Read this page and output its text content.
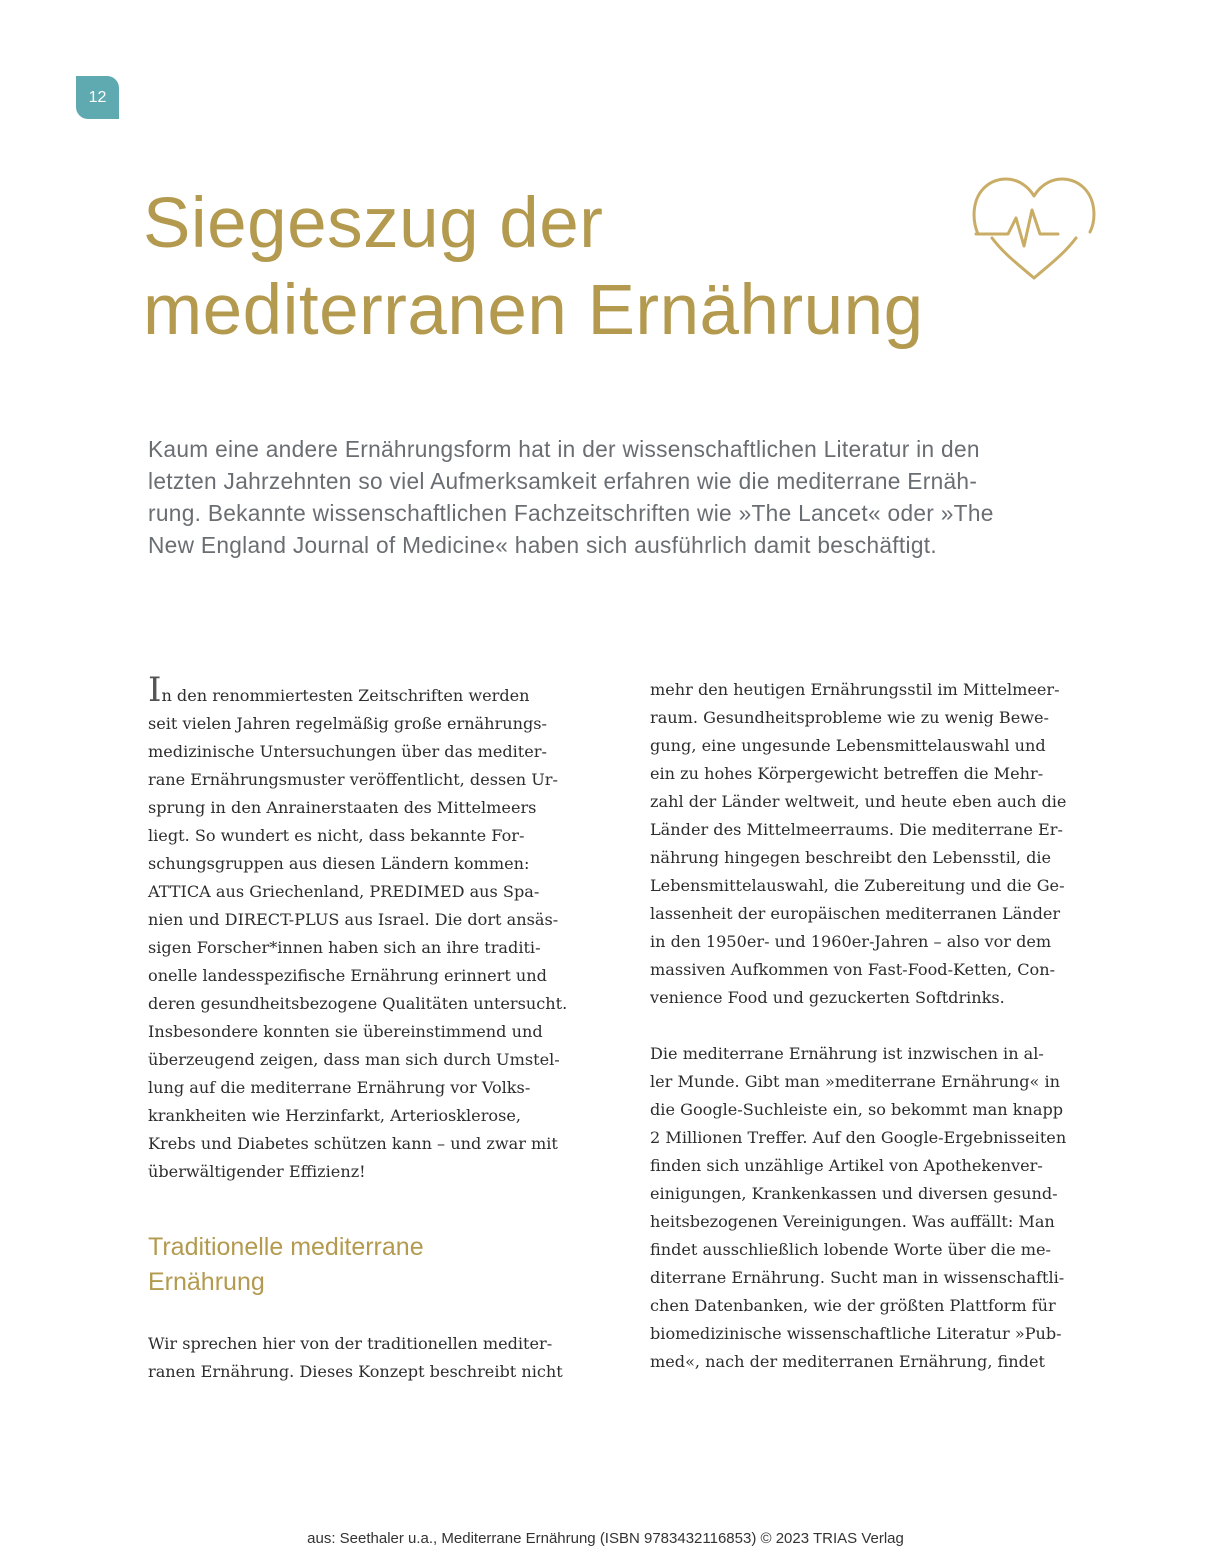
12
Siegeszug der
mediterranen Ernährung

Kaum eine andere Ernährungsform hat in der wissenschaftlichen Literatur in den
letzten Jahrzehnten so viel Aufmerksamkeit erfahren wie die mediterrane Ernäh-
rung. Bekannte wissenschaftlichen Fachzeitschriften wie »The Lancet« oder »The
New England Journal of Medicine« haben sich ausführlich damit beschäftigt.

In den renommiertesten Zeitschriften werden
seit vielen Jahren regelmäßig große ernährungs-
medizinische Untersuchungen über das mediter-
rane Ernährungsmuster veröffentlicht, dessen Ur-
sprung in den Anrainerstaaten des Mittelmeers
liegt. So wundert es nicht, dass bekannte For-
schungsgruppen aus diesen Ländern kommen:
ATTICA aus Griechenland, PREDIMED aus Spa-
nien und DIRECT-PLUS aus Israel. Die dort ansäs-
sigen Forscher*innen haben sich an ihre traditi-
onelle landesspezifische Ernährung erinnert und
deren gesundheitsbezogene Qualitäten untersucht.
Insbesondere konnten sie übereinstimmend und
überzeugend zeigen, dass man sich durch Umstel-
lung auf die mediterrane Ernährung vor Volks-
krankheiten wie Herzinfarkt, Arteriosklerose,
Krebs und Diabetes schützen kann – und zwar mit
überwältigender Effizienz!

Traditionelle mediterrane
Ernährung

Wir sprechen hier von der traditionellen mediter-
ranen Ernährung. Dieses Konzept beschreibt nicht

mehr den heutigen Ernährungsstil im Mittelmeer-
raum. Gesundheitsprobleme wie zu wenig Bewe-
gung, eine ungesunde Lebensmittelauswahl und
ein zu hohes Körpergewicht betreffen die Mehr-
zahl der Länder weltweit, und heute eben auch die
Länder des Mittelmeerraums. Die mediterrane Er-
nährung hingegen beschreibt den Lebensstil, die
Lebensmittelauswahl, die Zubereitung und die Ge-
lassenheit der europäischen mediterranen Länder
in den 1950er- und 1960er-Jahren – also vor dem
massiven Aufkommen von Fast-Food-Ketten, Con-
venience Food und gezuckerten Softdrinks.

Die mediterrane Ernährung ist inzwischen in al-
ler Munde. Gibt man »mediterrane Ernährung« in
die Google-Suchleiste ein, so bekommt man knapp
2 Millionen Treffer. Auf den Google-Ergebnisseiten
finden sich unzählige Artikel von Apothekenver-
einigungen, Krankenkassen und diversen gesund-
heitsbezogenen Vereinigungen. Was auffällt: Man
findet ausschließlich lobende Worte über die me-
diterrane Ernährung. Sucht man in wissenschaftli-
chen Datenbanken, wie der größten Plattform für
biomedizinische wissenschaftliche Literatur »Pub-
med«, nach der mediterranen Ernährung, findet

aus: Seethaler u.a., Mediterrane Ernährung (ISBN 9783432116853) © 2023 TRIAS Verlag
